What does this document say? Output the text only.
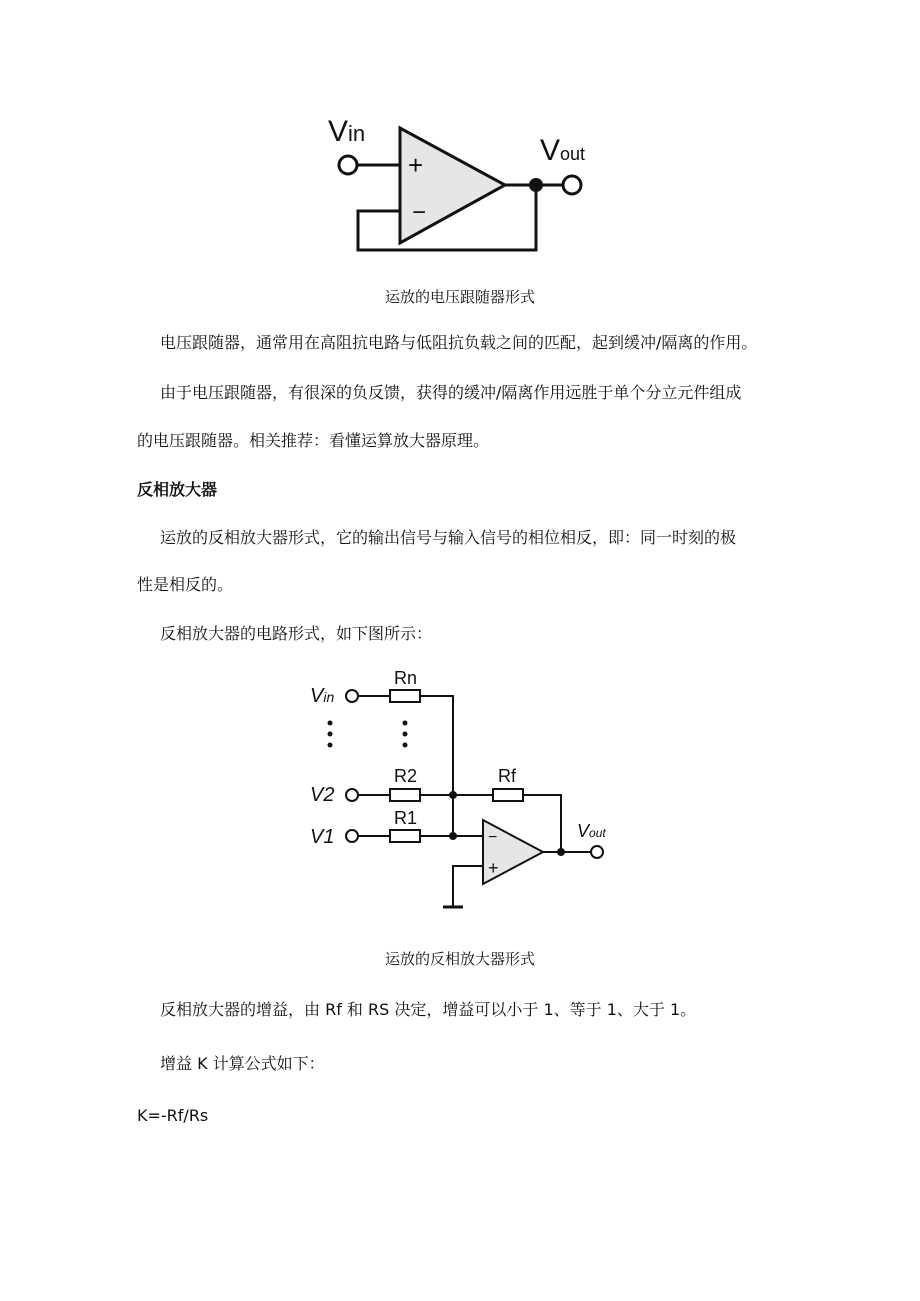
+
−
Vin
Vout
运放的电压跟随器形式
电压跟随器，通常用在高阻抗电路与低阻抗负载之间的匹配，起到缓冲/隔离的作用。
由于电压跟随器，有很深的负反馈，获得的缓冲/隔离作用远胜于单个分立元件组成
的电压跟随器。相关推荐：看懂运算放大器原理。
反相放大器
运放的反相放大器形式，它的输出信号与输入信号的相位相反，即：同一时刻的极
性是相反的。
反相放大器的电路形式，如下图所示：
Vin
Rn
V2
R2	Rf
V1
R1
−
+
Vout
运放的反相放大器形式
反相放大器的增益，由 Rf 和 RS 决定，增益可以小于 1、等于 1、大于 1。
增益 K 计算公式如下：
K=-Rf/Rs
